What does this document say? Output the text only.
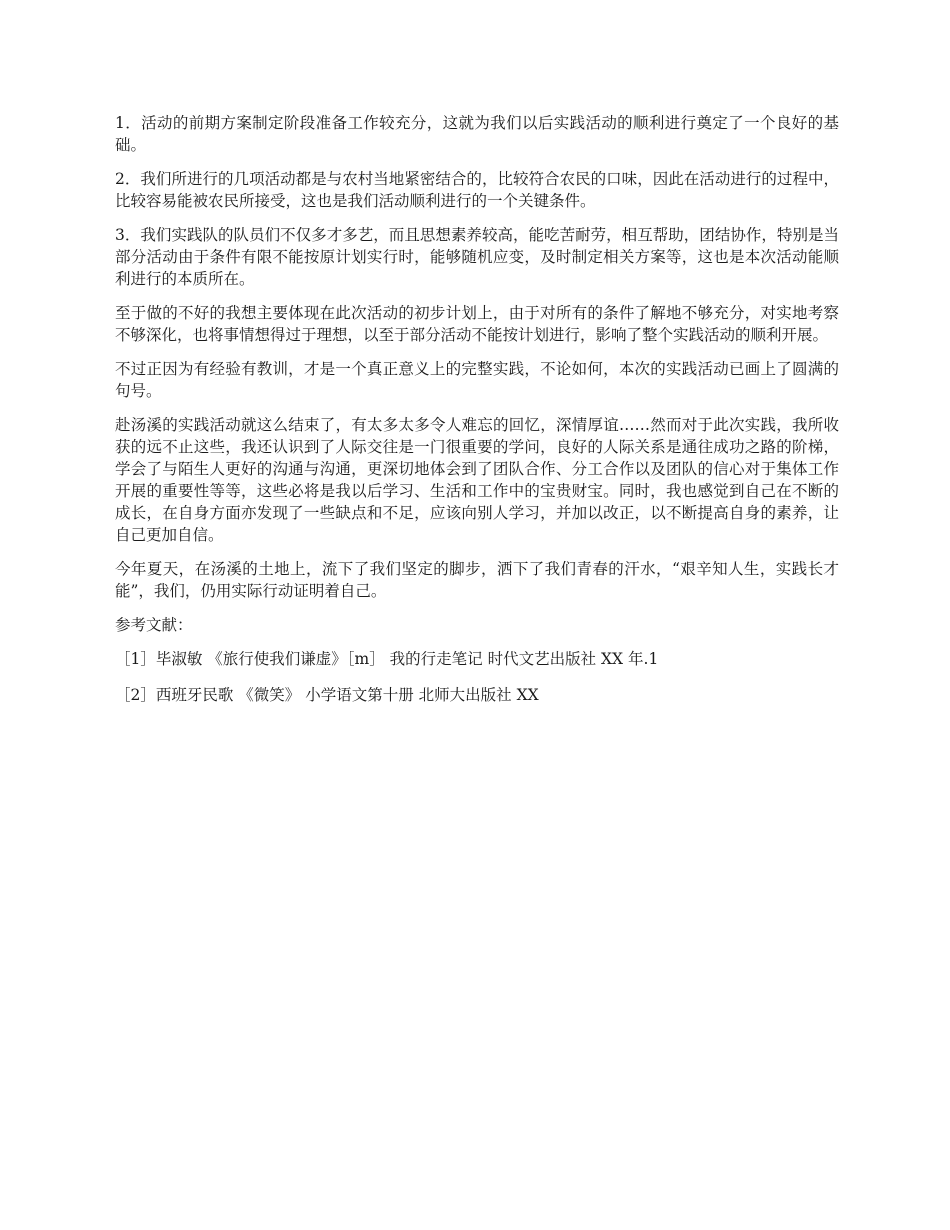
1．活动的前期方案制定阶段准备工作较充分，这就为我们以后实践活动的顺利进行奠定了一个良好的基础。

2．我们所进行的几项活动都是与农村当地紧密结合的，比较符合农民的口味，因此在活动进行的过程中，比较容易能被农民所接受，这也是我们活动顺利进行的一个关键条件。

3．我们实践队的队员们不仅多才多艺，而且思想素养较高，能吃苦耐劳，相互帮助，团结协作，特别是当部分活动由于条件有限不能按原计划实行时，能够随机应变，及时制定相关方案等，这也是本次活动能顺利进行的本质所在。

至于做的不好的我想主要体现在此次活动的初步计划上，由于对所有的条件了解地不够充分，对实地考察不够深化，也将事情想得过于理想，以至于部分活动不能按计划进行，影响了整个实践活动的顺利开展。

不过正因为有经验有教训，才是一个真正意义上的完整实践，不论如何，本次的实践活动已画上了圆满的句号。

赴汤溪的实践活动就这么结束了，有太多太多令人难忘的回忆，深情厚谊……然而对于此次实践，我所收获的远不止这些，我还认识到了人际交往是一门很重要的学问，良好的人际关系是通往成功之路的阶梯，学会了与陌生人更好的沟通与沟通，更深切地体会到了团队合作、分工合作以及团队的信心对于集体工作开展的重要性等等，这些必将是我以后学习、生活和工作中的宝贵财宝。同时，我也感觉到自己在不断的成长，在自身方面亦发现了一些缺点和不足，应该向别人学习，并加以改正，以不断提高自身的素养，让自己更加自信。

今年夏天，在汤溪的土地上，流下了我们坚定的脚步，洒下了我们青春的汗水，“艰辛知人生，实践长才能”，我们，仍用实际行动证明着自己。

参考文献：

［1］毕淑敏 《旅行使我们谦虚》［m］ 我的行走笔记 时代文艺出版社 XX 年.1

［2］西班牙民歌 《微笑》 小学语文第十册 北师大出版社 XX
